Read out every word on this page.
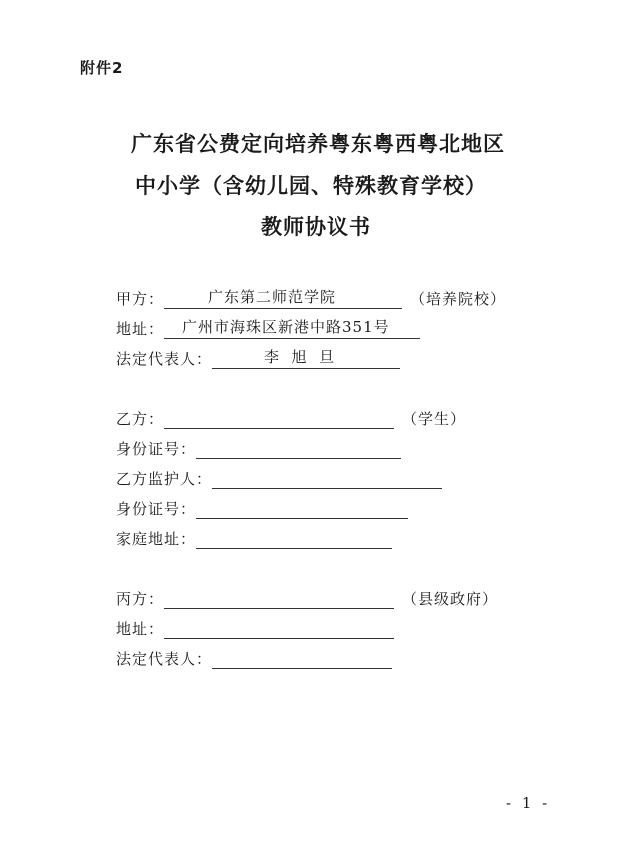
附件2
广东省公费定向培养粤东粤西粤北地区
中小学（含幼儿园、特殊教育学校）
教师协议书
甲方：	广东第二师范学院	（培养院校）
地址： 广州市海珠区新港中路351号
法定代表人：	李  旭  旦
乙方：	（学生）
身份证号：
乙方监护人：
身份证号：
家庭地址：
丙方：	（县级政府）
地址：
法定代表人：
- 1 -
